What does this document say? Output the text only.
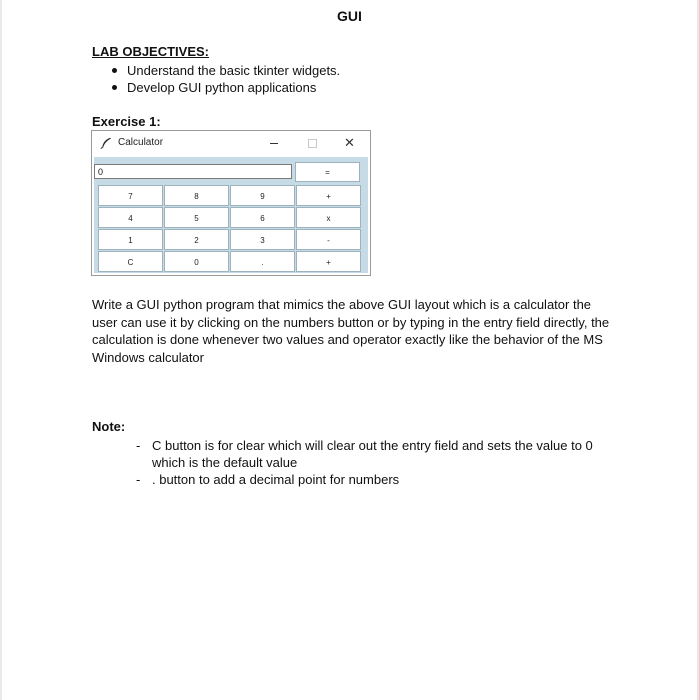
GUI
LAB OBJECTIVES:
Understand the basic tkinter widgets.
Develop GUI python applications
Exercise 1:
Calculator	✕
0	=
7	8	9	+
4	5	6	x
1	2	3	-
C	0	.	+
Write a GUI python program that mimics the above GUI layout which is a calculator the user can use it by clicking on the numbers button or by typing in the entry field directly, the calculation is done whenever two values and operator exactly like the behavior of the MS Windows calculator
Note:
- C button is for clear which will clear out the entry field and sets the value to 0 which is the default value
- . button to add a decimal point for numbers
